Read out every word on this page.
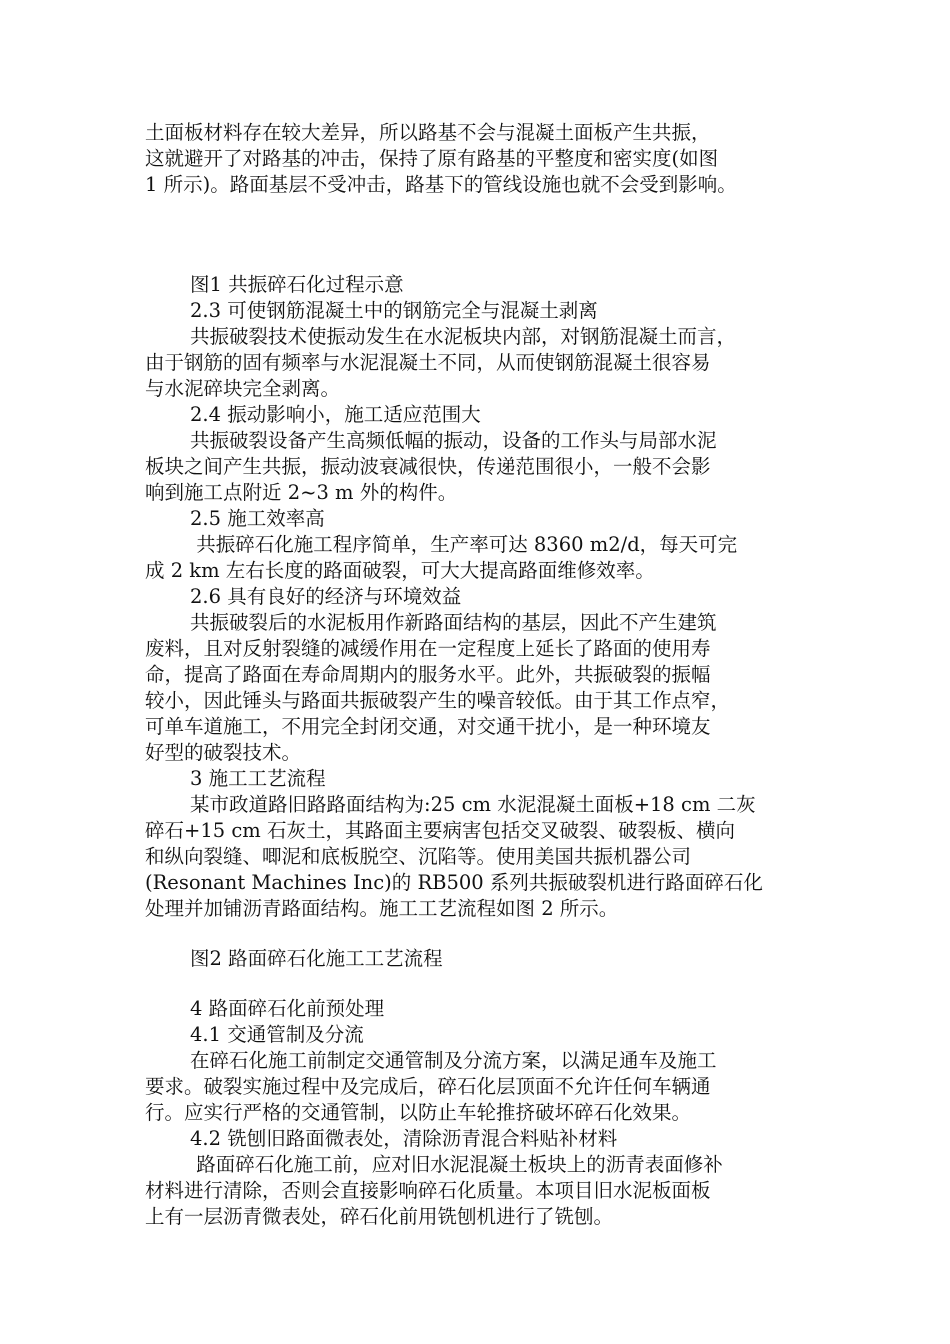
土面板材料存在较大差异，所以路基不会与混凝土面板产生共振，
这就避开了对路基的冲击，保持了原有路基的平整度和密实度(如图
1 所示)。路面基层不受冲击，路基下的管线设施也就不会受到影响。
图1 共振碎石化过程示意
2.3 可使钢筋混凝土中的钢筋完全与混凝土剥离
共振破裂技术使振动发生在水泥板块内部，对钢筋混凝土而言，
由于钢筋的固有频率与水泥混凝土不同，从而使钢筋混凝土很容易
与水泥碎块完全剥离。
2.4 振动影响小，施工适应范围大
共振破裂设备产生高频低幅的振动，设备的工作头与局部水泥
板块之间产生共振，振动波衰减很快，传递范围很小，一般不会影
响到施工点附近 2~3 m 外的构件。
2.5 施工效率高
共振碎石化施工程序简单，生产率可达 8360 m2/d，每天可完
成 2 km 左右长度的路面破裂，可大大提高路面维修效率。
2.6 具有良好的经济与环境效益
共振破裂后的水泥板用作新路面结构的基层，因此不产生建筑
废料，且对反射裂缝的减缓作用在一定程度上延长了路面的使用寿
命，提高了路面在寿命周期内的服务水平。此外，共振破裂的振幅
较小，因此锤头与路面共振破裂产生的噪音较低。由于其工作点窄，
可单车道施工，不用完全封闭交通，对交通干扰小，是一种环境友
好型的破裂技术。
3 施工工艺流程
某市政道路旧路路面结构为:25 cm 水泥混凝土面板+18 cm 二灰
碎石+15 cm 石灰土，其路面主要病害包括交叉破裂、破裂板、横向
和纵向裂缝、唧泥和底板脱空、沉陷等。使用美国共振机器公司
(Resonant Machines Inc)的 RB500 系列共振破裂机进行路面碎石化
处理并加铺沥青路面结构。施工工艺流程如图 2 所示。
图2 路面碎石化施工工艺流程
4 路面碎石化前预处理
4.1 交通管制及分流
在碎石化施工前制定交通管制及分流方案，以满足通车及施工
要求。破裂实施过程中及完成后，碎石化层顶面不允许任何车辆通
行。应实行严格的交通管制，以防止车轮推挤破坏碎石化效果。
4.2 铣刨旧路面微表处，清除沥青混合料贴补材料
路面碎石化施工前，应对旧水泥混凝土板块上的沥青表面修补
材料进行清除，否则会直接影响碎石化质量。本项目旧水泥板面板
上有一层沥青微表处，碎石化前用铣刨机进行了铣刨。
